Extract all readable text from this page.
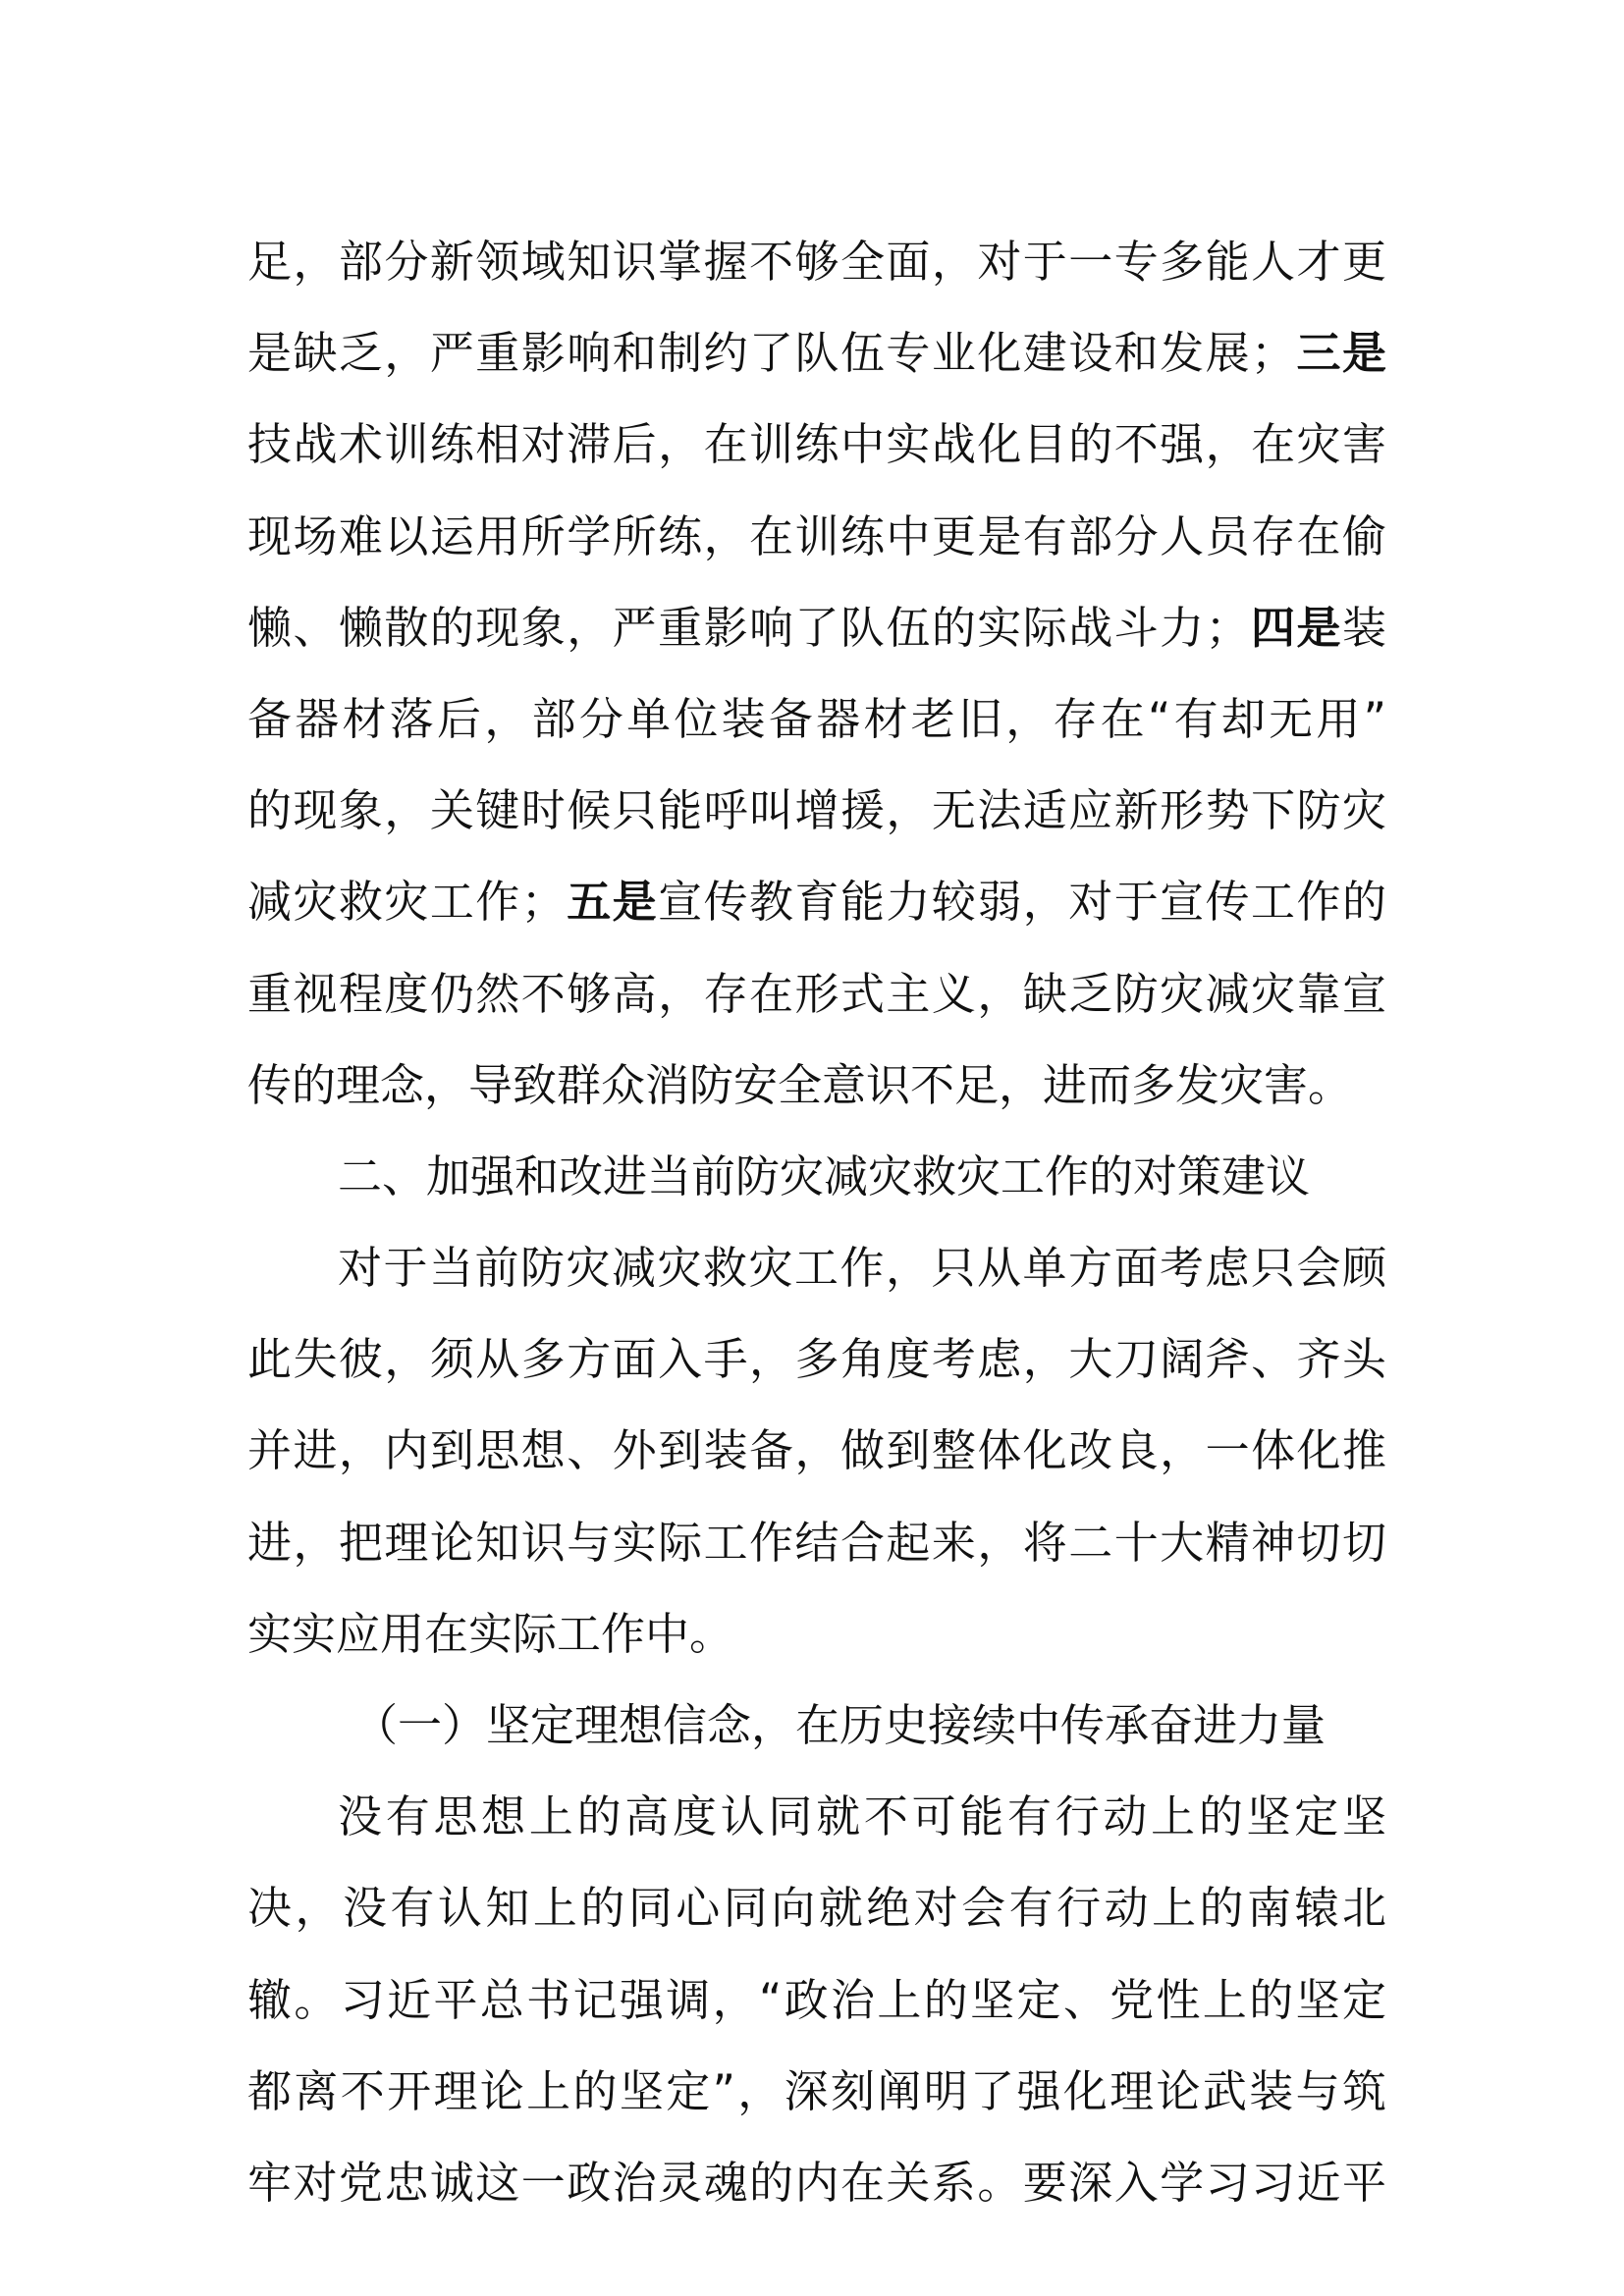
足，部分新领域知识掌握不够全面，对于一专多能人才更
是缺乏，严重影响和制约了队伍专业化建设和发展；三是
技战术训练相对滞后，在训练中实战化目的不强，在灾害
现场难以运用所学所练，在训练中更是有部分人员存在偷
懒、懒散的现象，严重影响了队伍的实际战斗力；四是装
备器材落后，部分单位装备器材老旧，存在“有却无用”
的现象，关键时候只能呼叫增援，无法适应新形势下防灾
减灾救灾工作；五是宣传教育能力较弱，对于宣传工作的
重视程度仍然不够高，存在形式主义，缺乏防灾减灾靠宣
传的理念，导致群众消防安全意识不足，进而多发灾害。
二、加强和改进当前防灾减灾救灾工作的对策建议
对于当前防灾减灾救灾工作，只从单方面考虑只会顾
此失彼，须从多方面入手，多角度考虑，大刀阔斧、齐头
并进，内到思想、外到装备，做到整体化改良，一体化推
进，把理论知识与实际工作结合起来，将二十大精神切切
实实应用在实际工作中。
（一）坚定理想信念，在历史接续中传承奋进力量
没有思想上的高度认同就不可能有行动上的坚定坚
决，没有认知上的同心同向就绝对会有行动上的南辕北
辙。习近平总书记强调，“政治上的坚定、党性上的坚定
都离不开理论上的坚定”，深刻阐明了强化理论武装与筑
牢对党忠诚这一政治灵魂的内在关系。要深入学习习近平
